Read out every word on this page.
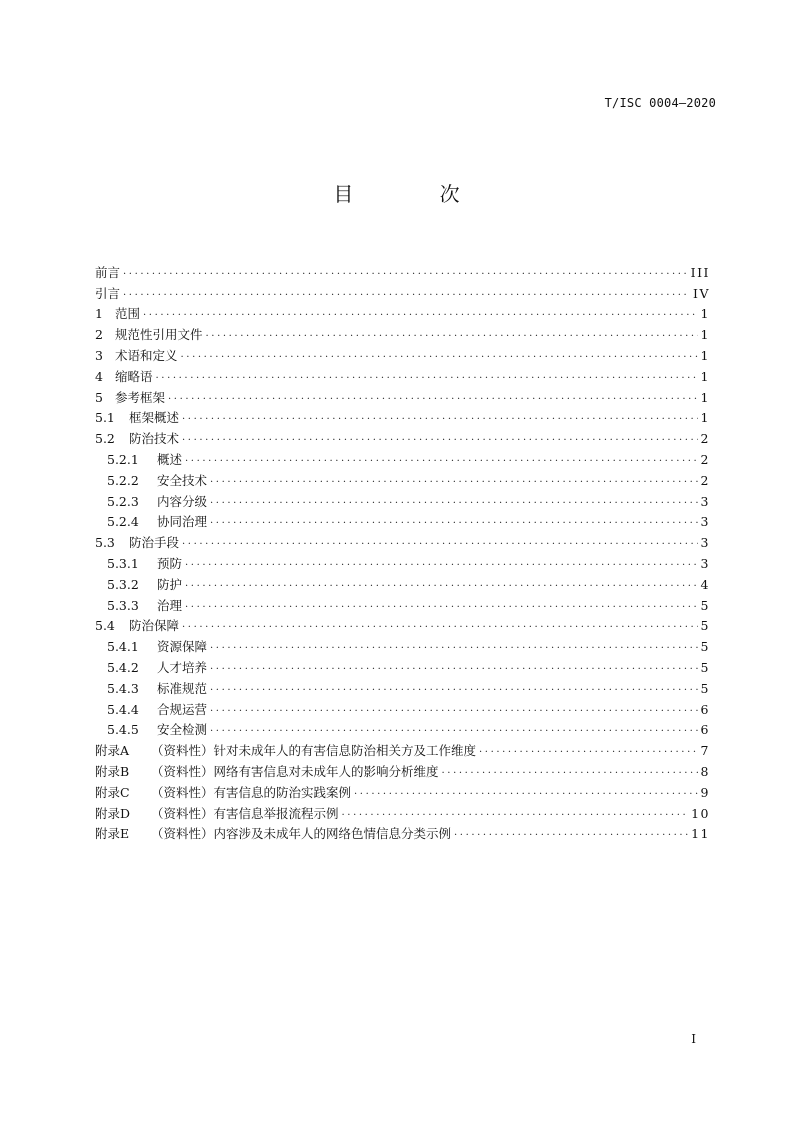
T/ISC 0004—2020
目 次
前言 .....	III
引言 .....	IV
1 范围 .....	1
2 规范性引用文件 .....	1
3 术语和定义 .....	1
4 缩略语 .....	1
5 参考框架 .....	1
5.1	框架概述 .....	1
5.2	防治技术 .....	2
5.2.1	概述 .....	2
5.2.2	安全技术 .....	2
5.2.3	内容分级 .....	3
5.2.4	协同治理 .....	3
5.3	防治手段 .....	3
5.3.1	预防 .....	3
5.3.2	防护 .....	4
5.3.3	治理 .....	5
5.4	防治保障 .....	5
5.4.1	资源保障 .....	5
5.4.2	人才培养 .....	5
5.4.3	标准规范 .....	5
5.4.4	合规运营 .....	6
5.4.5	安全检测 .....	6
附录A	（资料性） 针对未成年人的有害信息防治相关方及工作维度 .....	7
附录B	（资料性） 网络有害信息对未成年人的影响分析维度 .....	8
附录C	（资料性） 有害信息的防治实践案例 .....	9
附录D	（资料性） 有害信息举报流程示例 .....	10
附录E	（资料性） 内容涉及未成年人的网络色情信息分类示例 .....	11
I
